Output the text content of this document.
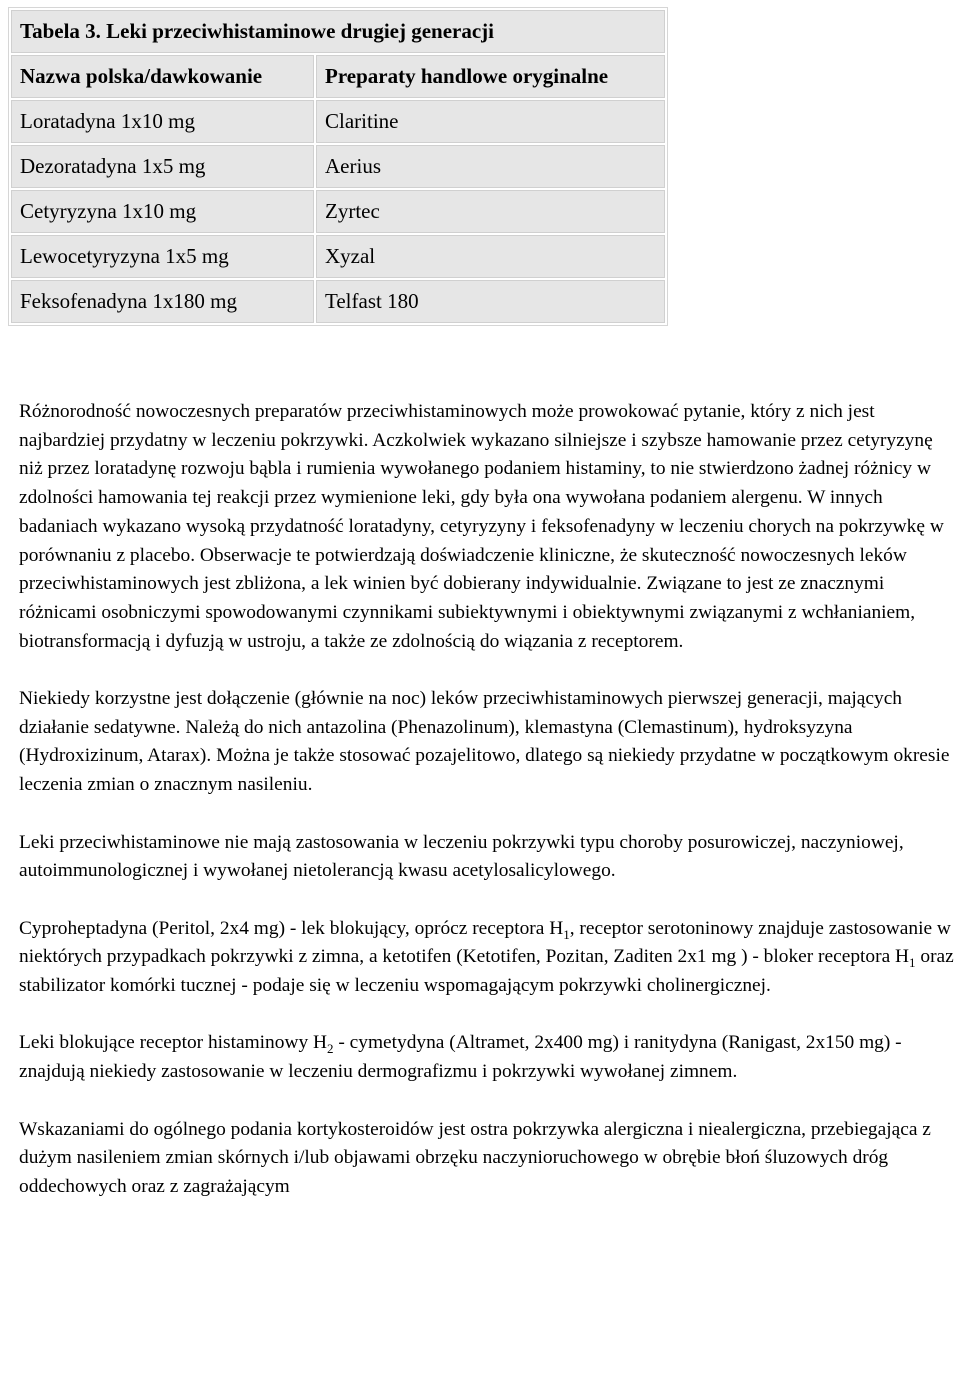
Tabela 3. Leki przeciwhistaminowe drugiej generacji	
Nazwa polska/dawkowanie	Preparaty handlowe oryginalne
Loratadyna 1x10 mg	Claritine
Dezoratadyna 1x5 mg	Aerius
Cetyryzyna 1x10 mg	Zyrtec
Lewocetyryzyna 1x5 mg	Xyzal
Feksofenadyna 1x180 mg	Telfast 180

Różnorodność nowoczesnych preparatów przeciwhistaminowych może prowokować pytanie, który z nich jest najbardziej przydatny w leczeniu pokrzywki. Aczkolwiek wykazano silniejsze i szybsze hamowanie przez cetyryzynę niż przez loratadynę rozwoju bąbla i rumienia wywołanego podaniem histaminy, to nie stwierdzono żadnej różnicy w zdolności hamowania tej reakcji przez wymienione leki, gdy była ona wywołana podaniem alergenu. W innych badaniach wykazano wysoką przydatność loratadyny, cetyryzyny i feksofenadyny w leczeniu chorych na pokrzywkę w porównaniu z placebo. Obserwacje te potwierdzają doświadczenie kliniczne, że skuteczność nowoczesnych leków przeciwhistaminowych jest zbliżona, a lek winien być dobierany indywidualnie. Związane to jest ze znacznymi różnicami osobniczymi spowodowanymi czynnikami subiektywnymi i obiektywnymi związanymi z wchłanianiem, biotransformacją i dyfuzją w ustroju, a także ze zdolnością do wiązania z receptorem.

Niekiedy korzystne jest dołączenie (głównie na noc) leków przeciwhistaminowych pierwszej generacji, mających działanie sedatywne. Należą do nich antazolina (Phenazolinum), klemastyna (Clemastinum), hydroksyzyna (Hydroxizinum, Atarax). Można je także stosować pozajelitowo, dlatego są niekiedy przydatne w początkowym okresie leczenia zmian o znacznym nasileniu.

Leki przeciwhistaminowe nie mają zastosowania w leczeniu pokrzywki typu choroby posurowiczej, naczyniowej, autoimmunologicznej i wywołanej nietolerancją kwasu acetylosalicylowego.

Cyproheptadyna (Peritol, 2x4 mg) - lek blokujący, oprócz receptora $H_1$, receptor serotoninowy znajduje zastosowanie w niektórych przypadkach pokrzywki z zimna, a ketotifen (Ketotifen, Pozitan, Zaditen 2x1 mg ) - bloker receptora $H_1$ oraz stabilizator komórki tucznej - podaje się w leczeniu wspomagającym pokrzywki cholinergicznej.

Leki blokujące receptor histaminowy $H_2$ - cymetydyna (Altramet, 2x400 mg) i ranitydyna (Ranigast, 2x150 mg) - znajdują niekiedy zastosowanie w leczeniu dermografizmu i pokrzywki wywołanej zimnem.

Wskazaniami do ogólnego podania kortykosteroidów jest ostra pokrzywka alergiczna i niealergiczna, przebiegająca z dużym nasileniem zmian skórnych i/lub objawami obrzęku naczynioruchowego w obrębie błoń śluzowych dróg oddechowych oraz z zagrażającym
